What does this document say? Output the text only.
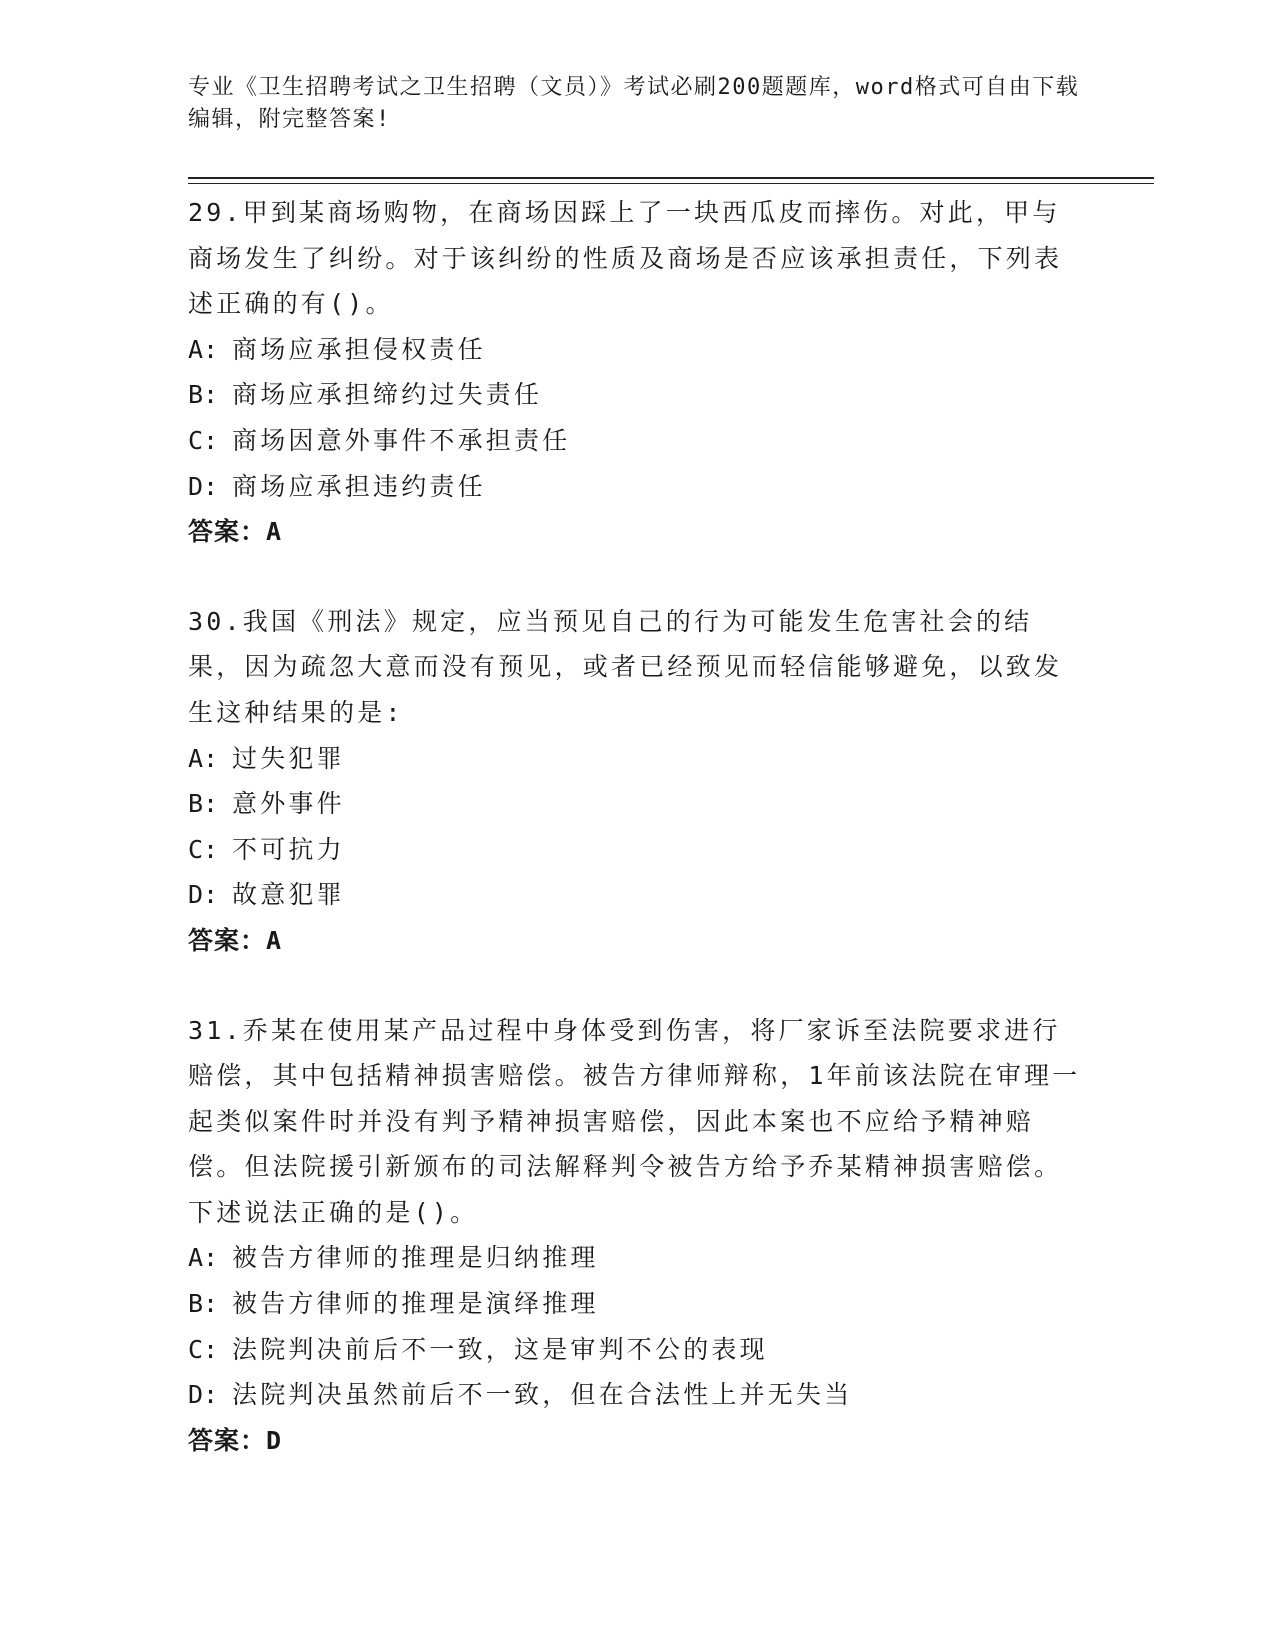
专业《卫生招聘考试之卫生招聘（文员）》考试必刷200题题库，word格式可自由下载编辑，附完整答案!
29.甲到某商场购物，在商场因踩上了一块西瓜皮而摔伤。对此，甲与商场发生了纠纷。对于该纠纷的性质及商场是否应该承担责任，下列表述正确的有()。
A: 商场应承担侵权责任
B: 商场应承担缔约过失责任
C: 商场因意外事件不承担责任
D: 商场应承担违约责任
答案：A
30.我国《刑法》规定，应当预见自己的行为可能发生危害社会的结果，因为疏忽大意而没有预见，或者已经预见而轻信能够避免，以致发生这种结果的是:
A: 过失犯罪
B: 意外事件
C: 不可抗力
D: 故意犯罪
答案：A
31.乔某在使用某产品过程中身体受到伤害，将厂家诉至法院要求进行赔偿，其中包括精神损害赔偿。被告方律师辩称，1年前该法院在审理一起类似案件时并没有判予精神损害赔偿，因此本案也不应给予精神赔偿。但法院援引新颁布的司法解释判令被告方给予乔某精神损害赔偿。下述说法正确的是()。
A: 被告方律师的推理是归纳推理
B: 被告方律师的推理是演绎推理
C: 法院判决前后不一致，这是审判不公的表现
D: 法院判决虽然前后不一致，但在合法性上并无失当
答案：D
